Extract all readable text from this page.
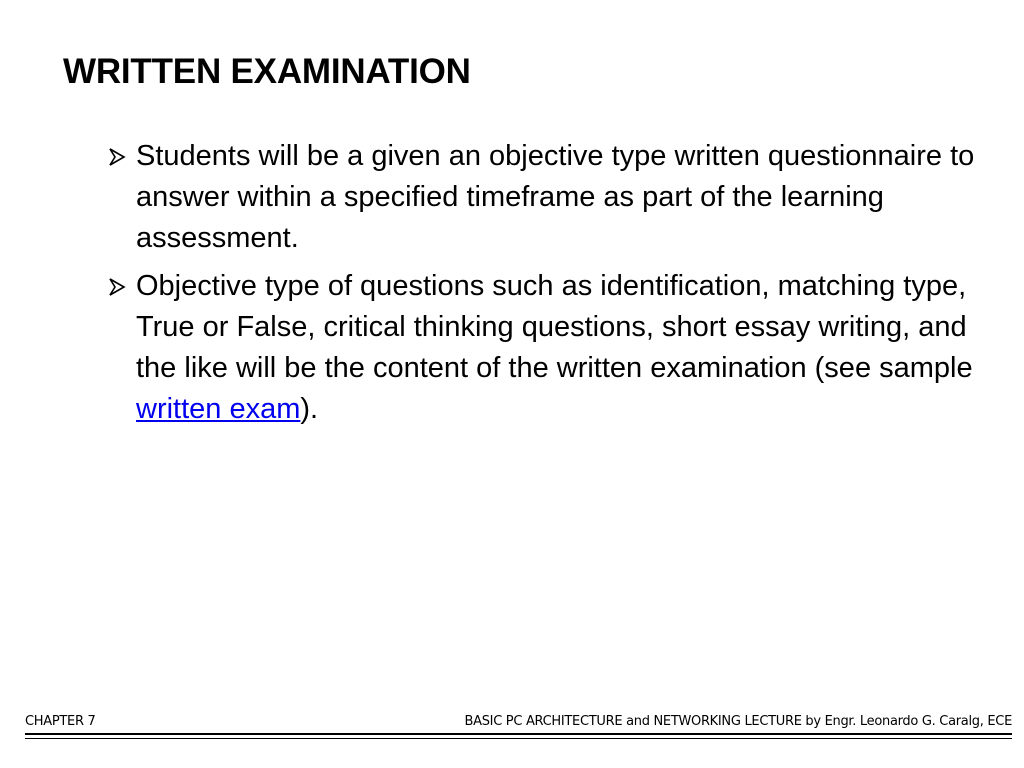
WRITTEN EXAMINATION
Students will be a given an objective type written questionnaire to answer within a specified timeframe as part of the learning assessment.
Objective type of questions such as identification, matching type, True or False, critical thinking questions, short essay writing, and the like will be the content of the written examination (see sample written exam).
CHAPTER 7	BASIC PC ARCHITECTURE and NETWORKING LECTURE by Engr. Leonardo G. Caralg, ECE
